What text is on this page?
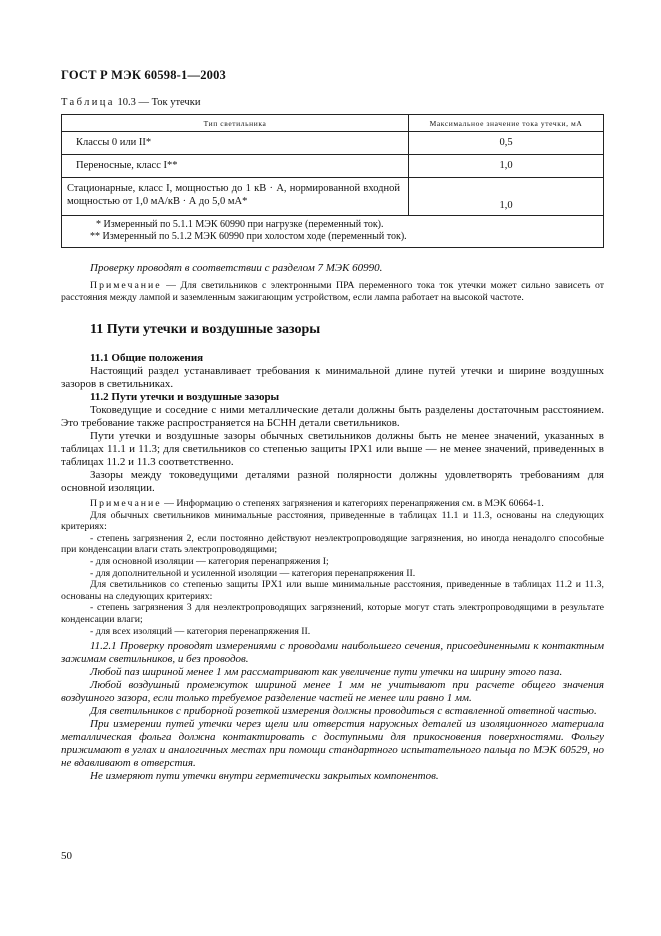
ГОСТ Р МЭК 60598-1—2003
Таблица 10.3 — Ток утечки
Тип светильника	Максимальное значение тока утечки, мА
Классы 0 или II*	0,5
Переносные, класс I**	1,0
Стационарные, класс I, мощностью до 1 кВ · А, нормированной входной мощностью от 1,0 мА/кВ · А до 5,0 мА*	1,0

* Измеренный по 5.1.1 МЭК 60990 при нагрузке (переменный ток).
** Измеренный по 5.1.2 МЭК 60990 при холостом ходе (переменный ток).	

Проверку проводят в соответствии с разделом 7 МЭК 60990.

Примечание — Для светильников с электронными ПРА переменного тока ток утечки может сильно зависеть от расстояния между лампой и заземленным зажигающим устройством, если лампа работает на высокой частоте.

11 Пути утечки и воздушные зазоры

11.1 Общие положения

Настоящий раздел устанавливает требования к минимальной длине путей утечки и ширине воздушных зазоров в светильниках.

11.2 Пути утечки и воздушные зазоры

Токоведущие и соседние с ними металлические детали должны быть разделены достаточным расстоянием. Это требование также распространяется на БСНН детали светильников.

Пути утечки и воздушные зазоры обычных светильников должны быть не менее значений, указанных в таблицах 11.1 и 11.3; для светильников со степенью защиты IPX1 или выше — не менее значений, приведенных в таблицах 11.2 и 11.3 соответственно.

Зазоры между токоведущими деталями разной полярности должны удовлетворять требованиям для основной изоляции.

Примечание — Информацию о степенях загрязнения и категориях перенапряжения см. в МЭК 60664-1.

Для обычных светильников минимальные расстояния, приведенные в таблицах 11.1 и 11.3, основаны на следующих критериях:

- степень загрязнения 2, если постоянно действуют неэлектропроводящие загрязнения, но иногда ненадолго способные при конденсации влаги стать электропроводящими;

- для основной изоляции — категория перенапряжения I;

- для дополнительной и усиленной изоляции — категория перенапряжения II.

Для светильников со степенью защиты IPX1 или выше минимальные расстояния, приведенные в таблицах 11.2 и 11.3, основаны на следующих критериях:

- степень загрязнения 3 для неэлектропроводящих загрязнений, которые могут стать электропроводящими в результате конденсации влаги;

- для всех изоляций — категория перенапряжения II.

11.2.1 Проверку проводят измерениями с проводами наибольшего сечения, присоединенными к контактным зажимам светильников, и без проводов.

Любой паз шириной менее 1 мм рассматривают как увеличение пути утечки на ширину этого паза.

Любой воздушный промежуток шириной менее 1 мм не учитывают при расчете общего значения воздушного зазора, если только требуемое разделение частей не менее или равно 1 мм.

Для светильников с приборной розеткой измерения должны проводиться с вставленной ответной частью.

При измерении путей утечки через щели или отверстия наружных деталей из изоляционного материала металлическая фольга должна контактировать с доступными для прикосновения поверхностями. Фольгу прижимают в углах и аналогичных местах при помощи стандартного испытательного пальца по МЭК 60529, но не вдавливают в отверстия.

Не измеряют пути утечки внутри герметически закрытых компонентов.

50
